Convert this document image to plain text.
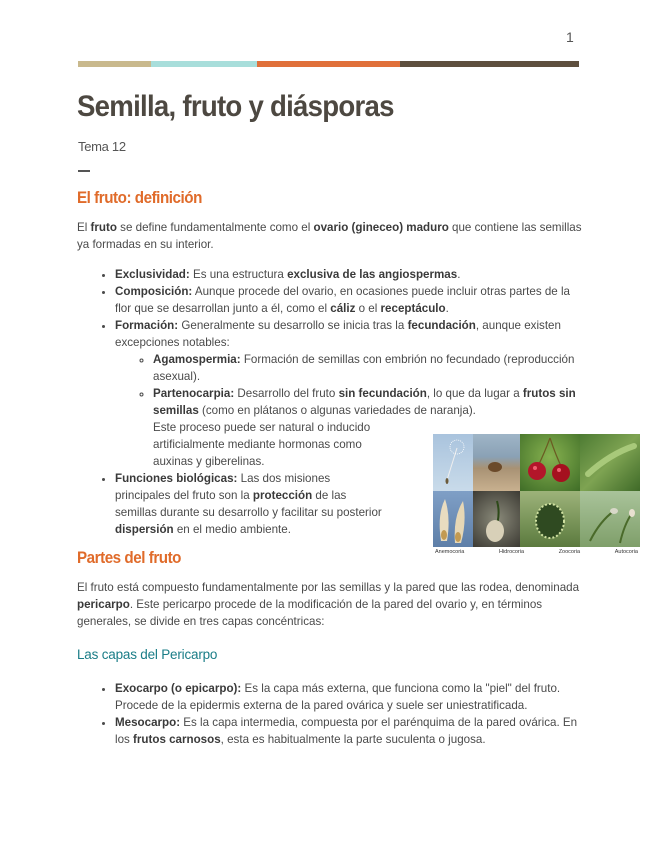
1
Semilla, fruto y diásporas
Tema 12
El fruto: definición

El fruto se define fundamentalmente como el ovario (gineceo) maduro que contiene las semillas ya formadas en su interior.

• Exclusividad: Es una estructura exclusiva de las angiospermas.
• Composición: Aunque procede del ovario, en ocasiones puede incluir otras partes de la flor que se desarrollan junto a él, como el cáliz o el receptáculo.
• Formación: Generalmente su desarrollo se inicia tras la fecundación, aunque existen excepciones notables:
◦ Agamospermia: Formación de semillas con embrión no fecundado (reproducción asexual).
◦ Partenocarpia: Desarrollo del fruto sin fecundación, lo que da lugar a frutos sin semillas (como en plátanos o algunas variedades de naranja).
Este proceso puede ser natural o inducido artificialmente mediante hormonas como auxinas y giberelinas.
• Funciones biológicas: Las dos misiones principales del fruto son la protección de las semillas durante su desarrollo y facilitar su posterior dispersión en el medio ambiente.
Partes del fruto

El fruto está compuesto fundamentalmente por las semillas y la pared que las rodea, denominada pericarpo. Este pericarpo procede de la modificación de la pared del ovario y, en términos generales, se divide en tres capas concéntricas:

Las capas del Pericarpo
• Exocarpo (o epicarpo): Es la capa más externa, que funciona como la "piel" del fruto. Procede de la epidermis externa de la pared ovárica y suele ser uniestratificada.
• Mesocarpo: Es la capa intermedia, compuesta por el parénquima de la pared ovárica. En los frutos carnosos, esta es habitualmente la parte suculenta o jugosa.
Anemocoria	Hidrocoria	Zoocoria	Autocoria
